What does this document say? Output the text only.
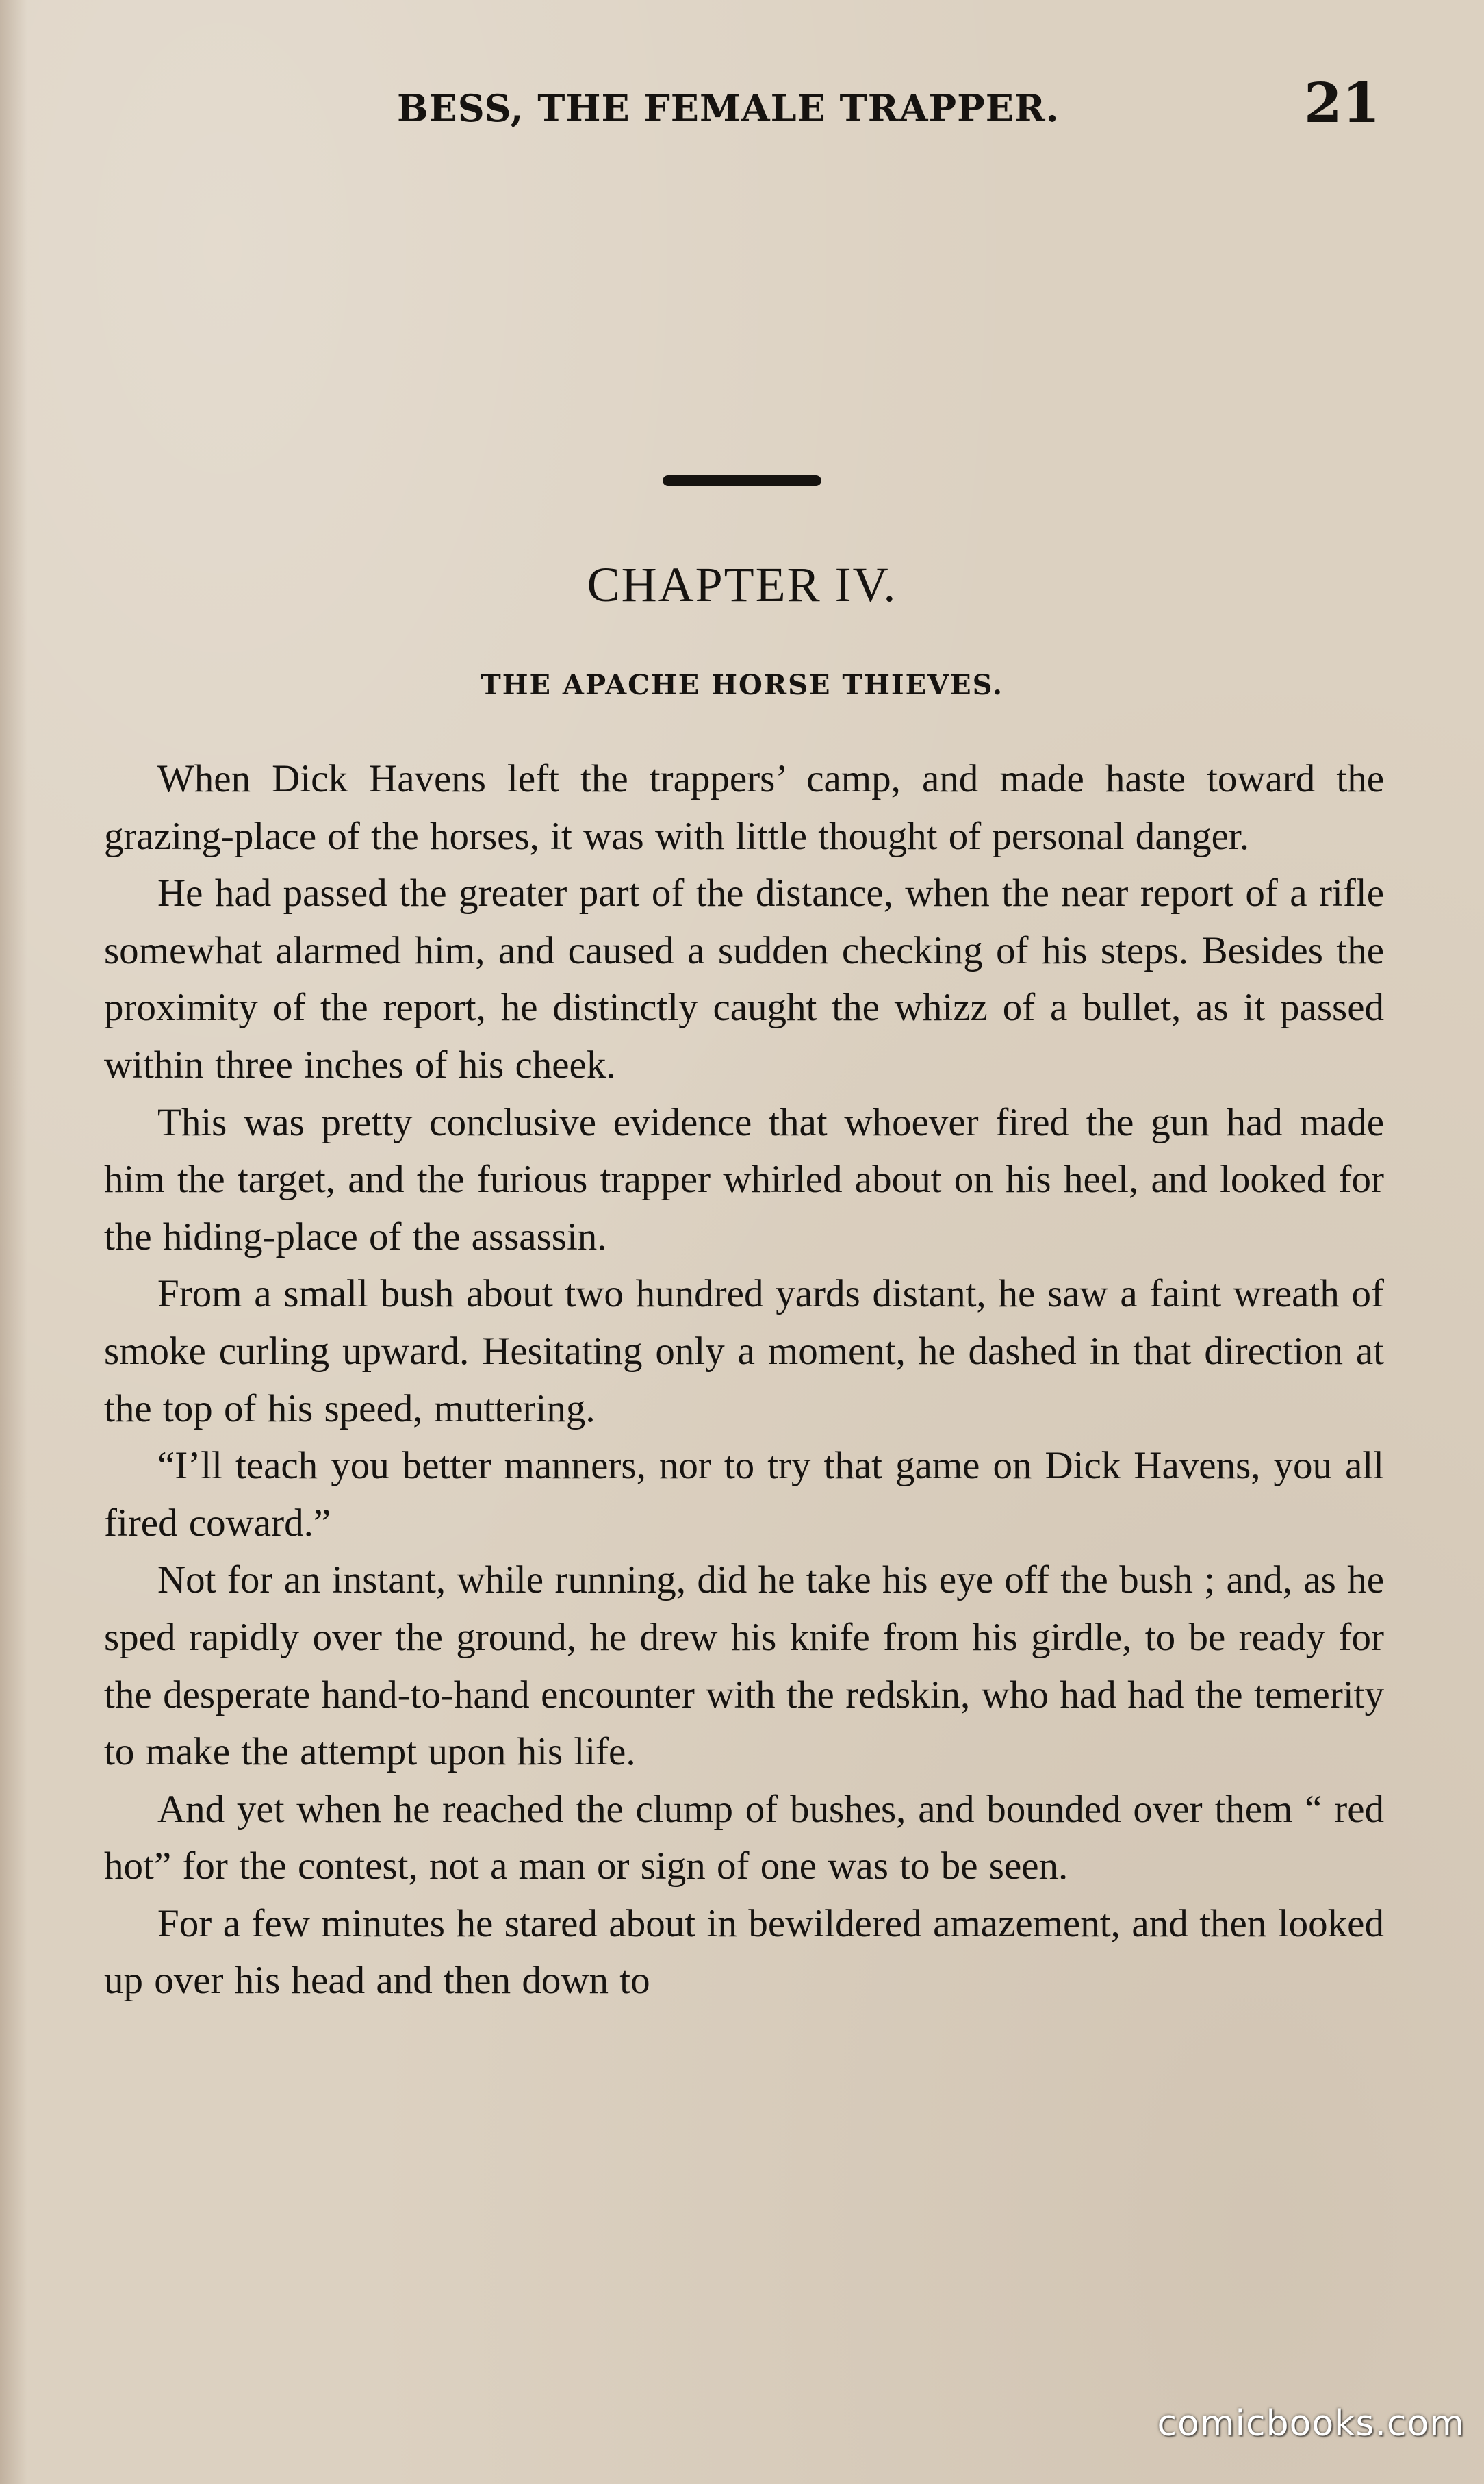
BESS, THE FEMALE TRAPPER.	21
CHAPTER IV.
THE APACHE HORSE THIEVES.

When Dick Havens left the trappers’ camp, and made haste toward the grazing-place of the horses, it was with little thought of personal danger.

He had passed the greater part of the distance, when the near report of a rifle somewhat alarmed him, and caused a sudden checking of his steps. Besides the proximity of the report, he distinctly caught the whizz of a bullet, as it passed within three inches of his cheek.

This was pretty conclusive evidence that whoever fired the gun had made him the target, and the furious trapper whirled about on his heel, and looked for the hiding-place of the assassin.

From a small bush about two hundred yards distant, he saw a faint wreath of smoke curling upward. Hesitating only a moment, he dashed in that direction at the top of his speed, muttering.

“I’ll teach you better manners, nor to try that game on Dick Havens, you all fired coward.”

Not for an instant, while running, did he take his eye off the bush ; and, as he sped rapidly over the ground, he drew his knife from his girdle, to be ready for the desperate hand-to-hand encounter with the redskin, who had had the temerity to make the attempt upon his life.

And yet when he reached the clump of bushes, and bounded over them “ red hot” for the contest, not a man or sign of one was to be seen.

For a few minutes he stared about in bewildered amazement, and then looked up over his head and then down to

comicbooks.com
